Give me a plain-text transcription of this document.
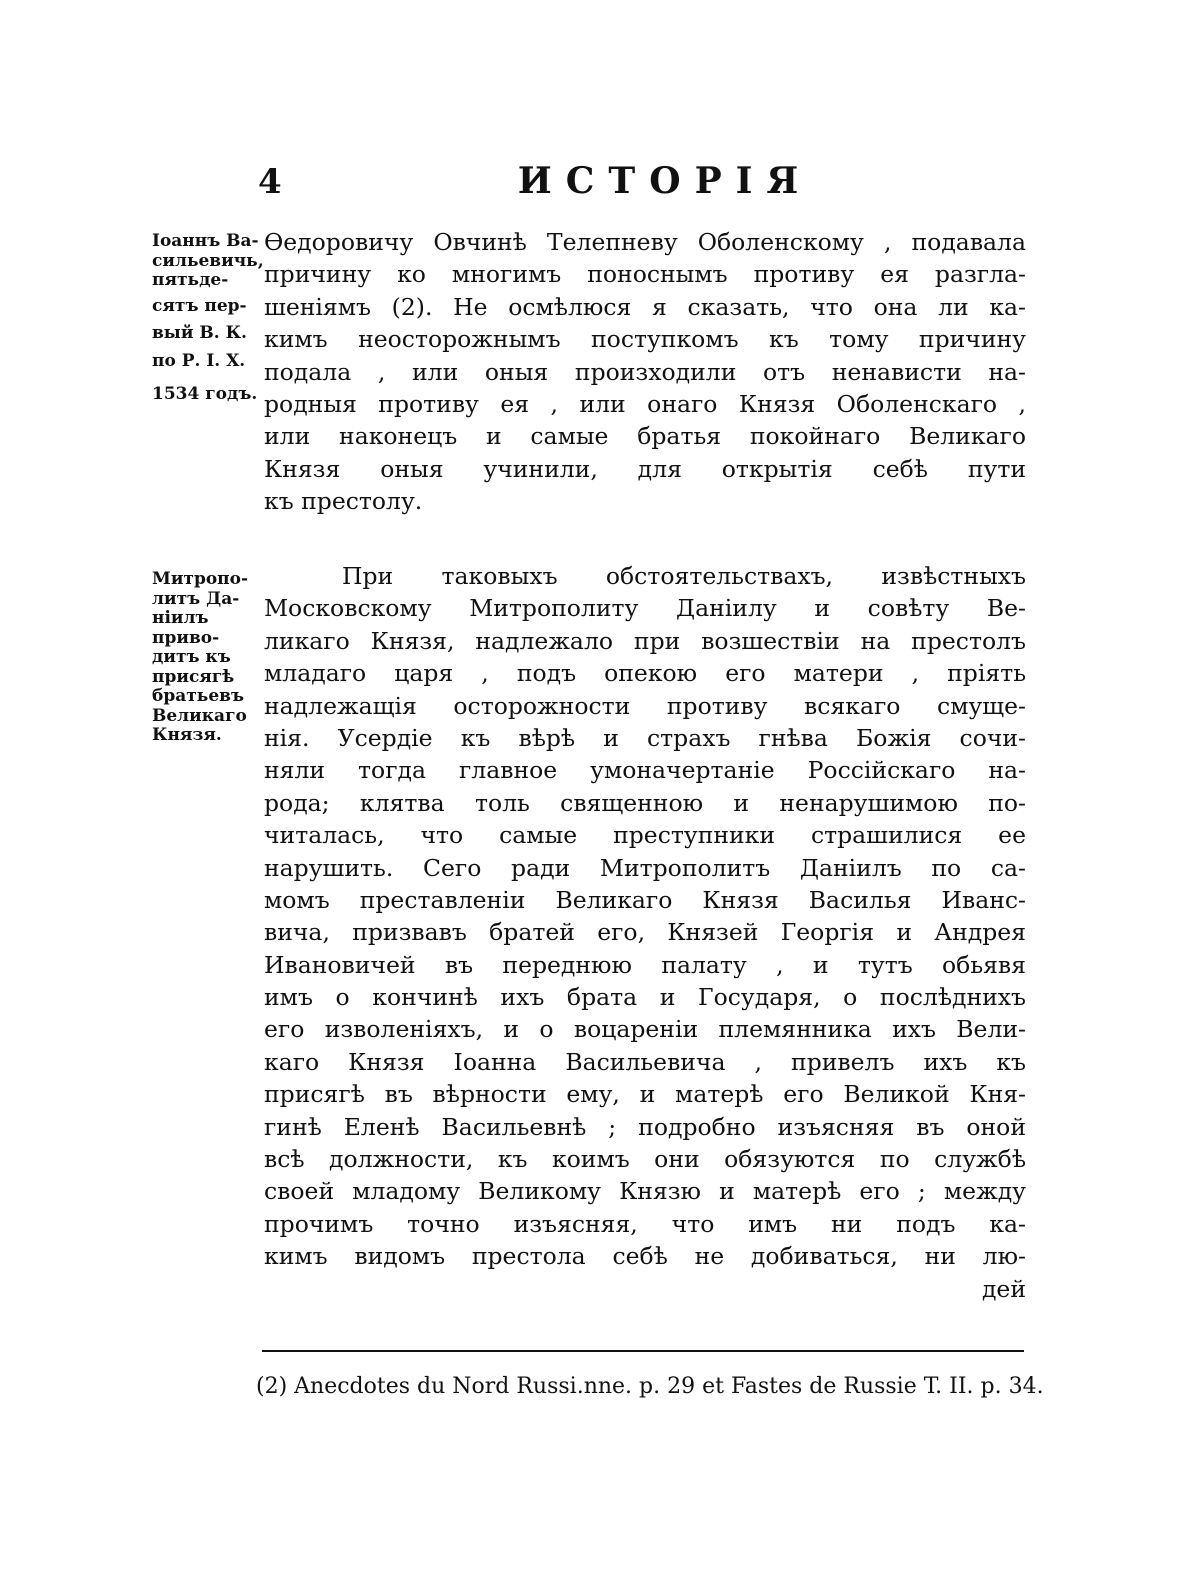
4	ИСТОРІЯ
Іоаннъ Ва-
сильевичь,
пятьде-
сятъ пер-
вый В. К.
по Р. І. Х.
1534 годъ.
Митропо-
литъ Да-
ніилъ
приво-
дитъ къ
присягѣ
братьевъ
Великаго
Князя.
Ѳедоровичу Овчинѣ Телепневу Оболенскому , подавала
причину ко многимъ поноснымъ противу ея разгла-
шеніямъ (2). Не осмѣлюся я сказать, что она ли ка-
кимъ неосторожнымъ поступкомъ къ тому причину
подала , или оныя произходили отъ ненависти на-
родныя противу ея , или онаго Князя Оболенскаго ,
или наконецъ и самые братья покойнаго Великаго
Князя оныя учинили, для открытія себѣ пути
къ престолу.
При таковыхъ обстоятельствахъ, извѣстныхъ
Московскому Митрополиту Даніилу и совѣту Ве-
ликаго Князя, надлежало при возшествіи на престолъ
младаго царя , подъ опекою его матери , пріять
надлежащія осторожности противу всякаго смуще-
нія. Усердіе къ вѣрѣ и страхъ гнѣва Божія сочи-
няли тогда главное умоначертаніе Россійскаго на-
рода; клятва толь священною и ненарушимою по-
читалась, что самые преступники страшилися ее
нарушить. Сего ради Митрополитъ Даніилъ по са-
момъ преставленіи Великаго Князя Василья Иванс-
вича, призвавъ братей его, Князей Георгія и Андрея
Ивановичей въ переднюю палату , и тутъ обьявя
имъ о кончинѣ ихъ брата и Государя, о послѣднихъ
его изволеніяхъ, и о воцареніи племянника ихъ Вели-
каго Князя Іоанна Васильевича , привелъ ихъ къ
присягѣ въ вѣрности ему, и матерѣ его Великой Кня-
гинѣ Еленѣ Васильевнѣ ; подробно изъясняя въ оной
всѣ должности, къ коимъ они обязуются по службѣ
своей младому Великому Князю и матерѣ его ; между
прочимъ точно изъясняя, что имъ ни подъ ка-
кимъ видомъ престола себѣ не добиваться, ни лю-
дей
(2) Anecdotes du Nord Russi.nne. p. 29 et Fastes de Russie T. II. p. 34.
